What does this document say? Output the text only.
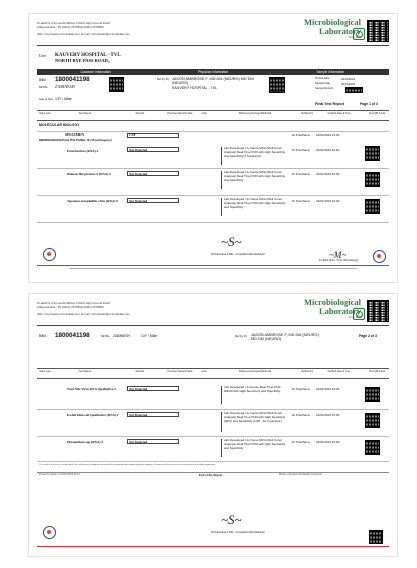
# Lakshmi Commercial Bazar,1,North High Ground Road
Palayamkottai · Ph.(0462) 2578666,(0462) 2578666
Web: http://www.microbiolab.com, E-mail: microbiolab@microbiolab.com
Microbiological
Laboratory
Since 1988
User KAUVERY HOSPITAL - TVL
NORTH BYE PASS ROAD,,
Customer Information	Physician Information	Sample Information
Billid : 1800041198
Mr/Ms. ZABINESH
Age & Sex 13Y / Male
Ref by Dr. JASON AMBROSE F, MD DM (NEURO) MD DM (NEURO)
KAUVERY HOSPITAL - TVL
Printed Date	22/01/2023
Sample Date	22/01/2023
Sample Record
Final Test Report	Page 1 of 3
Spec type	Test Name	Results	Previous Results date	units	Reference Ranges/Methods	Verified by	Verified date & Time	Test QR Code
MOLECULAR BIOLOGY
SPECIMEN	CSF	Dr.Pravthana 22/01/2023 16:00
MENINGOENCEPHALITIS PANEL III (16 pathogens)
Parechovirus (RNA) #	Not Detected	Lab Developed / In-house MCA (Melt Curve Analysis) Real Time PCR with High Sensitivity and Specificity(1 Copies/µL)
Dr.Pravthana 22/01/2023 16:00
Human Herpesvirus 6 (DNA) #	Not Detected	Lab Developed / In-house MCA (Melt Curve Analysis) Real Time PCR with High Sensitivity and Specificity
Dr.Pravthana 22/01/2023 16:00
Japanese encephalitis virus (RNA) #	Not Detected	Lab Developed / In-house MCA (Melt Curve Analysis) Real Time PCR with High Sensitivity and Specificity
Dr.Pravthana 22/01/2023 16:00
~S~
Dr.Pravthana K MD., Consultant Microbiologist	~M~
Dr. Mani. M.Sc., Ph.D.,(Microbiology)
# Lakshmi Commercial Bazar,1,North High Ground Road
Palayamkottai · Ph.(0462) 2578666,(0462) 2578666
Web: http://www.microbiolab.com, E-mail: microbiolab@microbiolab.com
Microbiological
Laboratory
Since 1988
Billid : 1800041198	Mr/Ms. ZABINESH	13Y / Male	Ref by Dr. JASON AMBROSE F, MD DM (NEURO) MD DM (NEURO)
Page 2 of 3
Spec type	Test Name	Results	Previous Results date	units	Reference Ranges/Methods	Verified by	Verified date & Time	Test QR Code
West Nile Virus RNA Qualitative #	Not Detected	Lab Developed / In-House Real Time PCR-HRMA with High Sensitivity and Specificity	Dr.Pravthana 22/01/2023 16:00
Escherichia coli Qualitative (DNA) #	Not Detected	Lab Developed / In-house MCA (Melt Curve Analysis) Real Time PCR with High Sensitivity (99%) and Sensitivity (LOD - 10 Copies/µL)
Dr.Pravthana 22/01/2023 16:00
Plasmodium spp (RNA) #	Not Detected	Lab Developed / In-house MCA (Melt Curve Analysis) Real Time PCR with High Sensitivity and Specificity
Dr.Pravthana 22/01/2023 16:00
The results of the test should not be the sole basis for diagnosis but must be correlated with clinical and other findings. Positive result do not rule out co-infection with other organisms.
Printed by Admin on 22/01/2023 16:13	End of the Report	Please visit www.microbiolab.com/report
~S~
Dr.Pravthana K MD., Consultant Microbiologist
